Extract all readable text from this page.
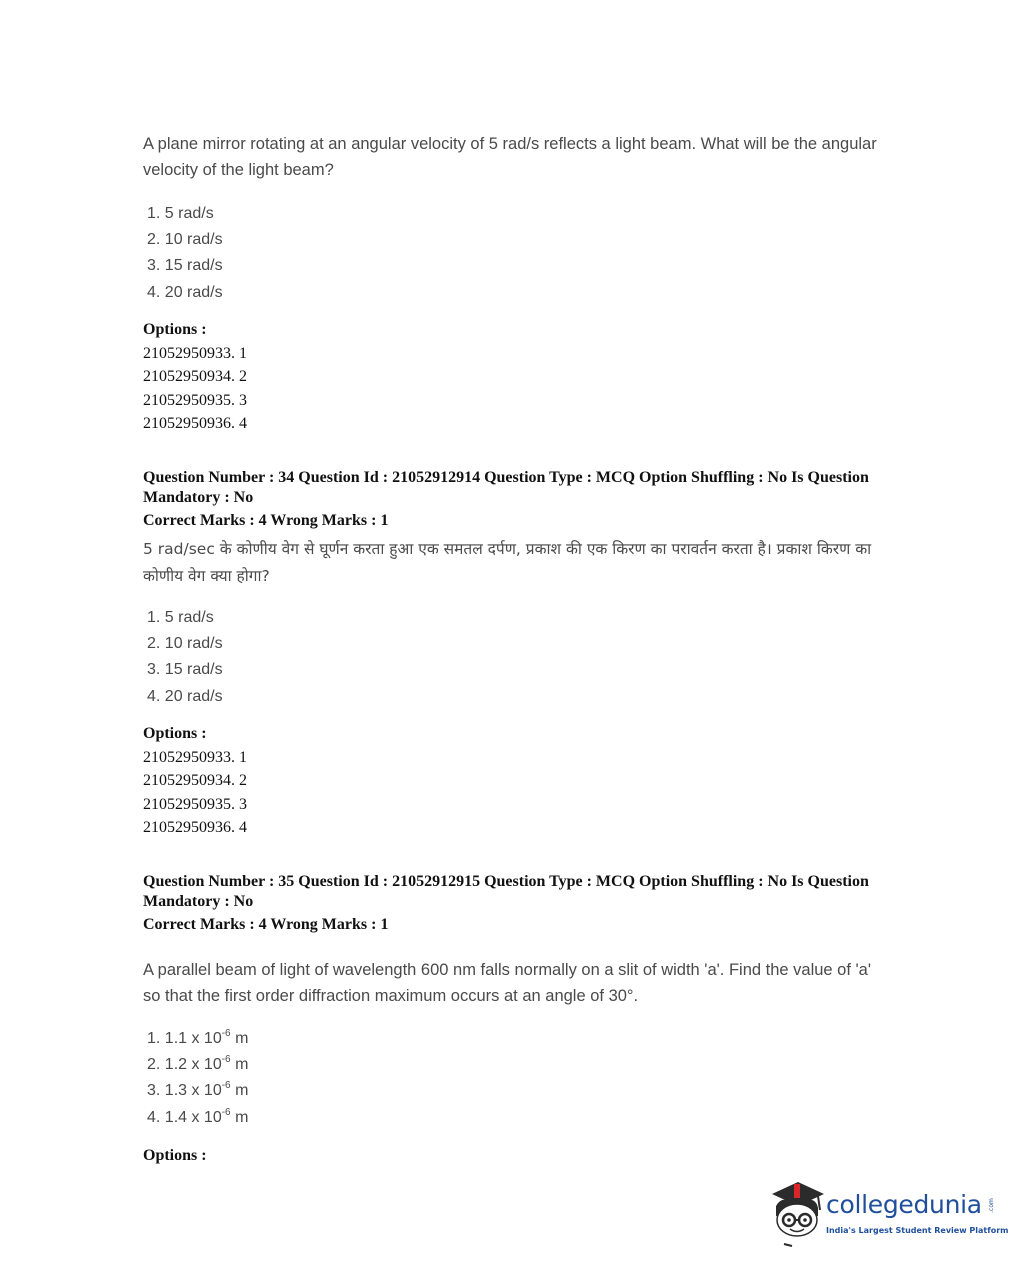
A plane mirror rotating at an angular velocity of 5 rad/s reflects a light beam. What will be the angular velocity of the light beam?
1. 5 rad/s
2. 10 rad/s
3. 15 rad/s
4. 20 rad/s
Options :
21052950933. 1
21052950934. 2
21052950935. 3
21052950936. 4
Question Number : 34 Question Id : 21052912914 Question Type : MCQ Option Shuffling : No Is Question Mandatory : No
Correct Marks : 4 Wrong Marks : 1
5 rad/sec के कोणीय वेग से घूर्णन करता हुआ एक समतल दर्पण, प्रकाश की एक किरण का परावर्तन करता है। प्रकाश किरण का कोणीय वेग क्या होगा?
1. 5 rad/s
2. 10 rad/s
3. 15 rad/s
4. 20 rad/s
Options :
21052950933. 1
21052950934. 2
21052950935. 3
21052950936. 4
Question Number : 35 Question Id : 21052912915 Question Type : MCQ Option Shuffling : No Is Question Mandatory : No
Correct Marks : 4 Wrong Marks : 1
A parallel beam of light of wavelength 600 nm falls normally on a slit of width 'a'. Find the value of 'a' so that the first order diffraction maximum occurs at an angle of 30°.
1. 1.1 x $10^{-6}$ m
2. 1.2 x $10^{-6}$ m
3. 1.3 x $10^{-6}$ m
4. 1.4 x $10^{-6}$ m
Options :
collegedunia .com
India's Largest Student Review Platform
